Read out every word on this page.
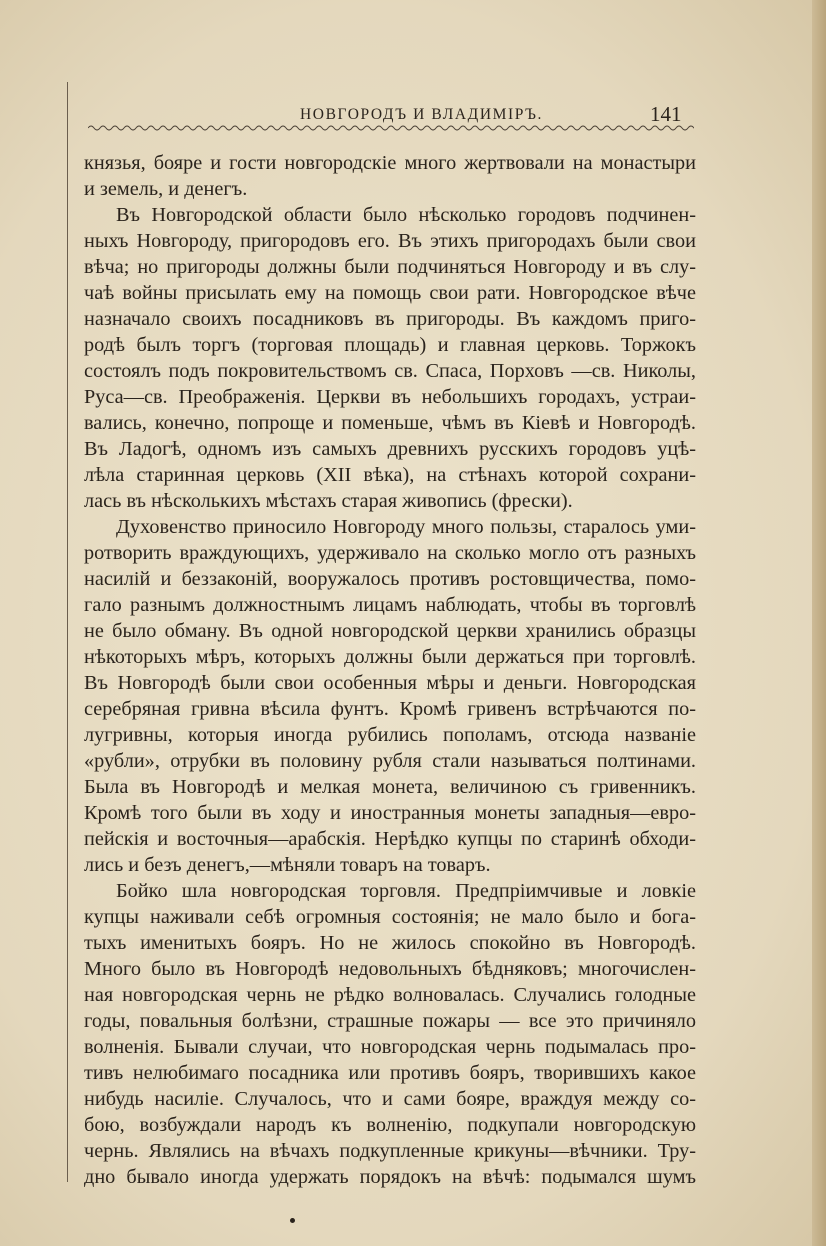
НОВГОРОДЪ И ВЛАДИМІРЪ.	141
князья, бояре и гости новгородскіе много жертвовали на монастыри
и земель, и денегъ.
Въ Новгородской области было нѣсколько городовъ подчинен-
ныхъ Новгороду, пригородовъ его. Въ этихъ пригородахъ были свои
вѣча; но пригороды должны были подчиняться Новгороду и въ слу-
чаѣ войны присылать ему на помощь свои рати. Новгородское вѣче
назначало своихъ посадниковъ въ пригороды. Въ каждомъ приго-
родѣ былъ торгъ (торговая площадь) и главная церковь. Торжокъ
состоялъ подъ покровительствомъ св. Спаса, Порховъ —св. Николы,
Руса—св. Преображенія. Церкви въ небольшихъ городахъ, устраи-
вались, конечно, попроще и поменьше, чѣмъ въ Кіевѣ и Новгородѣ.
Въ Ладогѣ, одномъ изъ самыхъ древнихъ русскихъ городовъ уцѣ-
лѣла старинная церковь (XII вѣка), на стѣнахъ которой сохрани-
лась въ нѣсколькихъ мѣстахъ старая живопись (фрески).
Духовенство приносило Новгороду много пользы, старалось уми-
ротворить враждующихъ, удерживало на сколько могло отъ разныхъ
насилій и беззаконій, вооружалось противъ ростовщичества, помо-
гало разнымъ должностнымъ лицамъ наблюдать, чтобы въ торговлѣ
не было обману. Въ одной новгородской церкви хранились образцы
нѣкоторыхъ мѣръ, которыхъ должны были держаться при торговлѣ.
Въ Новгородѣ были свои особенныя мѣры и деньги. Новгородская
серебряная гривна вѣсила фунтъ. Кромѣ гривенъ встрѣчаются по-
лугривны, которыя иногда рубились пополамъ, отсюда названіе
«рубли», отрубки въ половину рубля стали называться полтинами.
Была въ Новгородѣ и мелкая монета, величиною съ гривенникъ.
Кромѣ того были въ ходу и иностранныя монеты западныя—евро-
пейскія и восточныя—арабскія. Нерѣдко купцы по старинѣ обходи-
лись и безъ денегъ,—мѣняли товаръ на товаръ.
Бойко шла новгородская торговля. Предпріимчивые и ловкіе
купцы наживали себѣ огромныя состоянія; не мало было и бога-
тыхъ именитыхъ бояръ. Но не жилось спокойно въ Новгородѣ.
Много было въ Новгородѣ недовольныхъ бѣдняковъ; многочислен-
ная новгородская чернь не рѣдко волновалась. Случались голодные
годы, повальныя болѣзни, страшные пожары — все это причиняло
волненія. Бывали случаи, что новгородская чернь подымалась про-
тивъ нелюбимаго посадника или противъ бояръ, творившихъ какое
нибудь насиліе. Случалось, что и сами бояре, враждуя между со-
бою, возбуждали народъ къ волненію, подкупали новгородскую
чернь. Являлись на вѣчахъ подкупленные крикуны—вѣчники. Тру-
дно бывало иногда удержать порядокъ на вѣчѣ: подымался шумъ
